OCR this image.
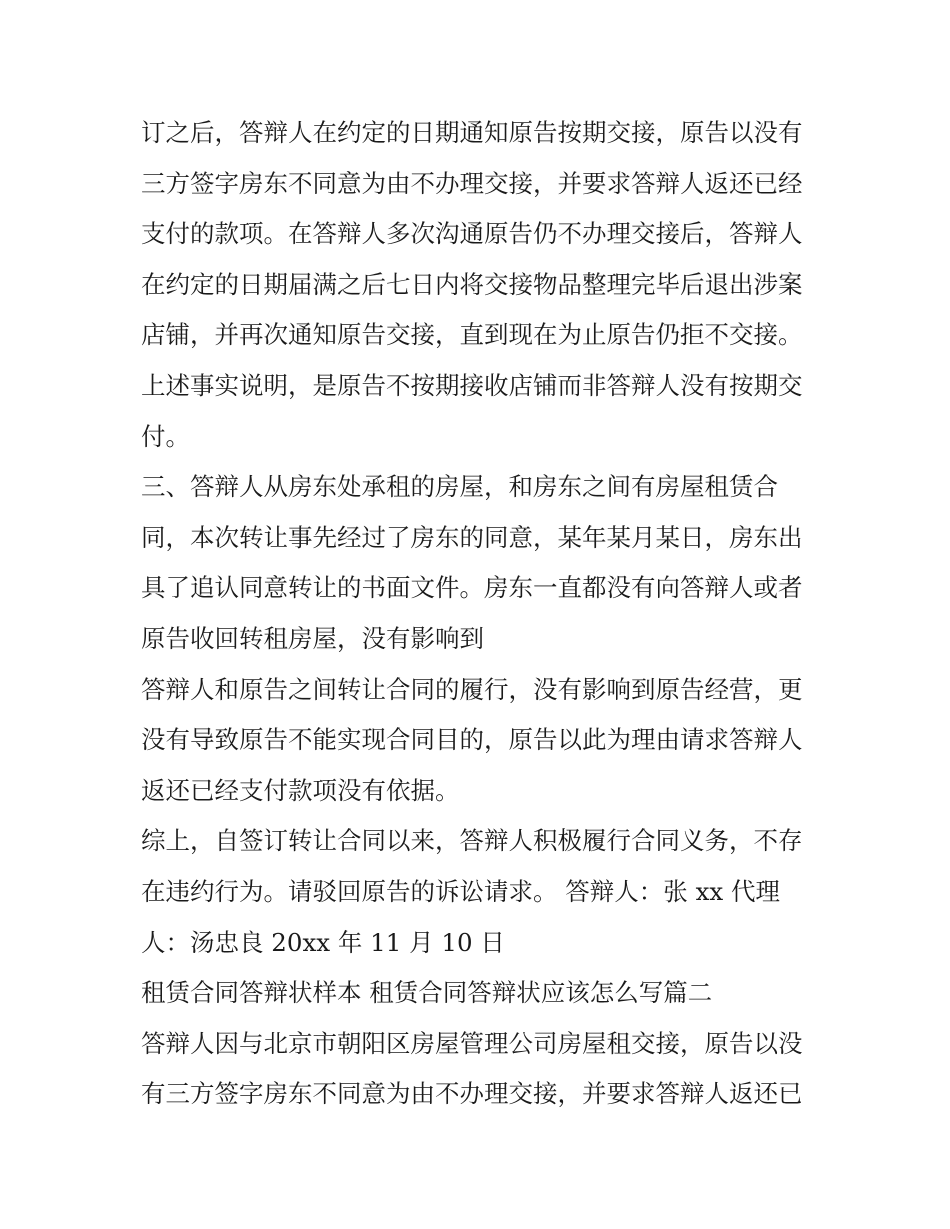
订之后，答辩人在约定的日期通知原告按期交接，原告以没有
三方签字房东不同意为由不办理交接，并要求答辩人返还已经
支付的款项。在答辩人多次沟通原告仍不办理交接后，答辩人
在约定的日期届满之后七日内将交接物品整理完毕后退出涉案
店铺，并再次通知原告交接，直到现在为止原告仍拒不交接。
上述事实说明，是原告不按期接收店铺而非答辩人没有按期交
付。
三、答辩人从房东处承租的房屋，和房东之间有房屋租赁合
同，本次转让事先经过了房东的同意，某年某月某日，房东出
具了追认同意转让的书面文件。房东一直都没有向答辩人或者
原告收回转租房屋，没有影响到
答辩人和原告之间转让合同的履行，没有影响到原告经营，更
没有导致原告不能实现合同目的，原告以此为理由请求答辩人
返还已经支付款项没有依据。
综上，自签订转让合同以来，答辩人积极履行合同义务，不存
在违约行为。请驳回原告的诉讼请求。 答辩人：张 xx 代理
人：汤忠良 20xx 年 11 月 10 日
租赁合同答辩状样本 租赁合同答辩状应该怎么写篇二
答辩人因与北京市朝阳区房屋管理公司房屋租交接，原告以没
有三方签字房东不同意为由不办理交接，并要求答辩人返还已
